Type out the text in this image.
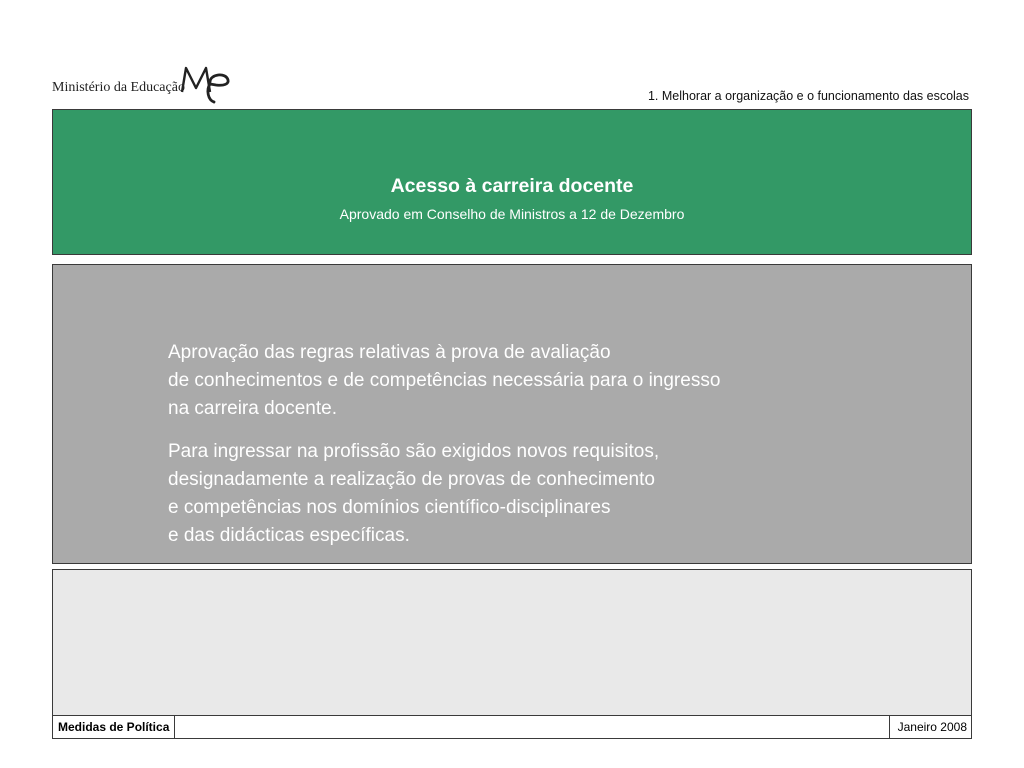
Ministério da Educação
1. Melhorar a organização e o funcionamento das escolas
Acesso à carreira docente
Aprovado em Conselho de Ministros a 12 de Dezembro

Aprovação das regras relativas à prova de avaliação
de conhecimentos e de competências necessária para o ingresso
na carreira docente.

Para ingressar na profissão são exigidos novos requisitos,
designadamente a realização de provas de conhecimento
e competências nos domínios científico-disciplinares
e das didácticas específicas.

Medidas de Política	Janeiro 2008
